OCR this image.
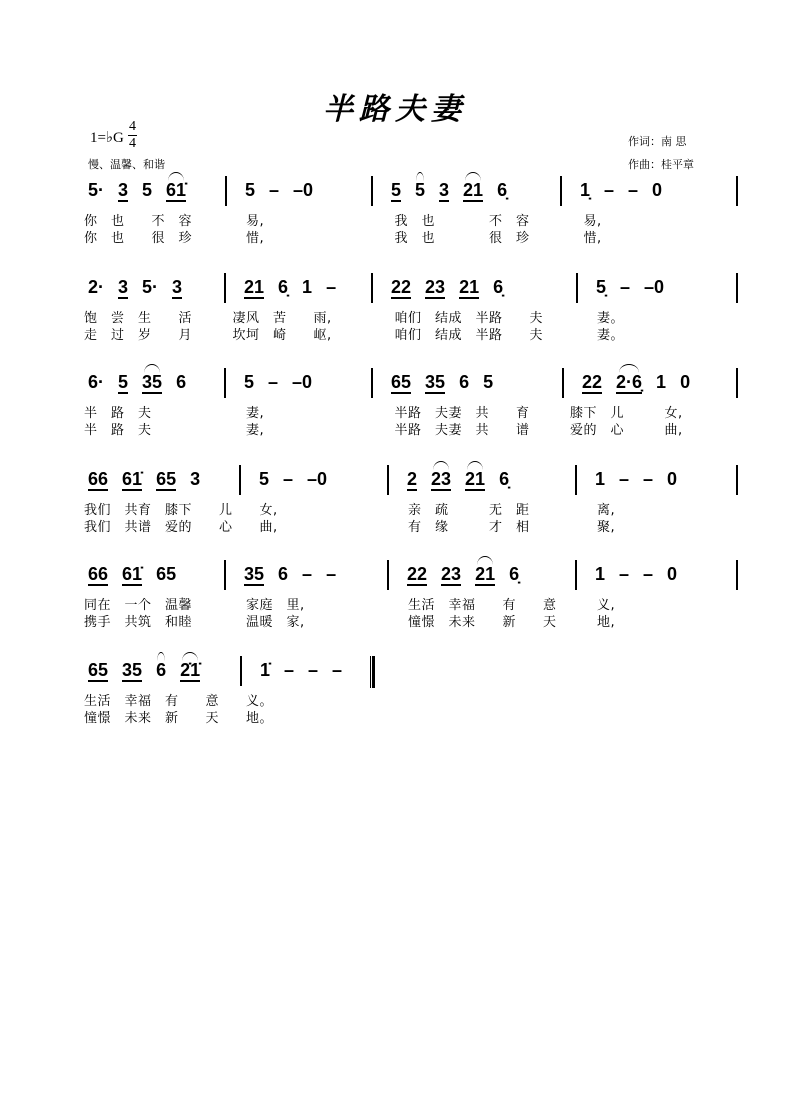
半路夫妻
1=♭G
4
4
慢、温馨、和谐
作词：南 思
作曲：桂平章
5· 3 5 61̇	5 – –0	5 5 3 21 6̣	1̣ – – 0
你 也 不 容	易,	我 也	不 容	易,
你 也 很 珍	惜,	我 也	很 珍	惜,
2· 3 5· 3	21 6̣ 1 –	22 23 21 6̣	5̣ – –0
饱 尝 生 活	凄风 苦 雨,	咱们 结成 半路 夫	妻。
走 过 岁 月	坎坷 崎 岖,	咱们 结成 半路 夫	妻。
6· 5 35 6	5 – –0	65 35 6 5	22 2·6̣ 1 0
半 路 夫	妻,	半路 夫妻 共 育	膝下 儿	女,
半 路 夫	妻,	半路 夫妻 共 谱	爱的 心	曲,
66 61̇ 65 3	5 – –0	2 23 21 6̣	1 – – 0
我们 共育 膝下 儿 女,	亲 疏	无 距	离,
我们 共谱 爱的 心 曲,	有 缘	才 相	聚,
66 61̇ 65	35 6 – –	22 23 21 6̣	1 – – 0
同在 一个 温馨	家庭 里,	生活 幸福 有 意	义,
携手 共筑 和睦	温暖 家,	憧憬 未来 新 天	地,
65 35 6 2̇1̇	1̇ – – –
生活 幸福 有 意 义。
憧憬 未来 新 天 地。
